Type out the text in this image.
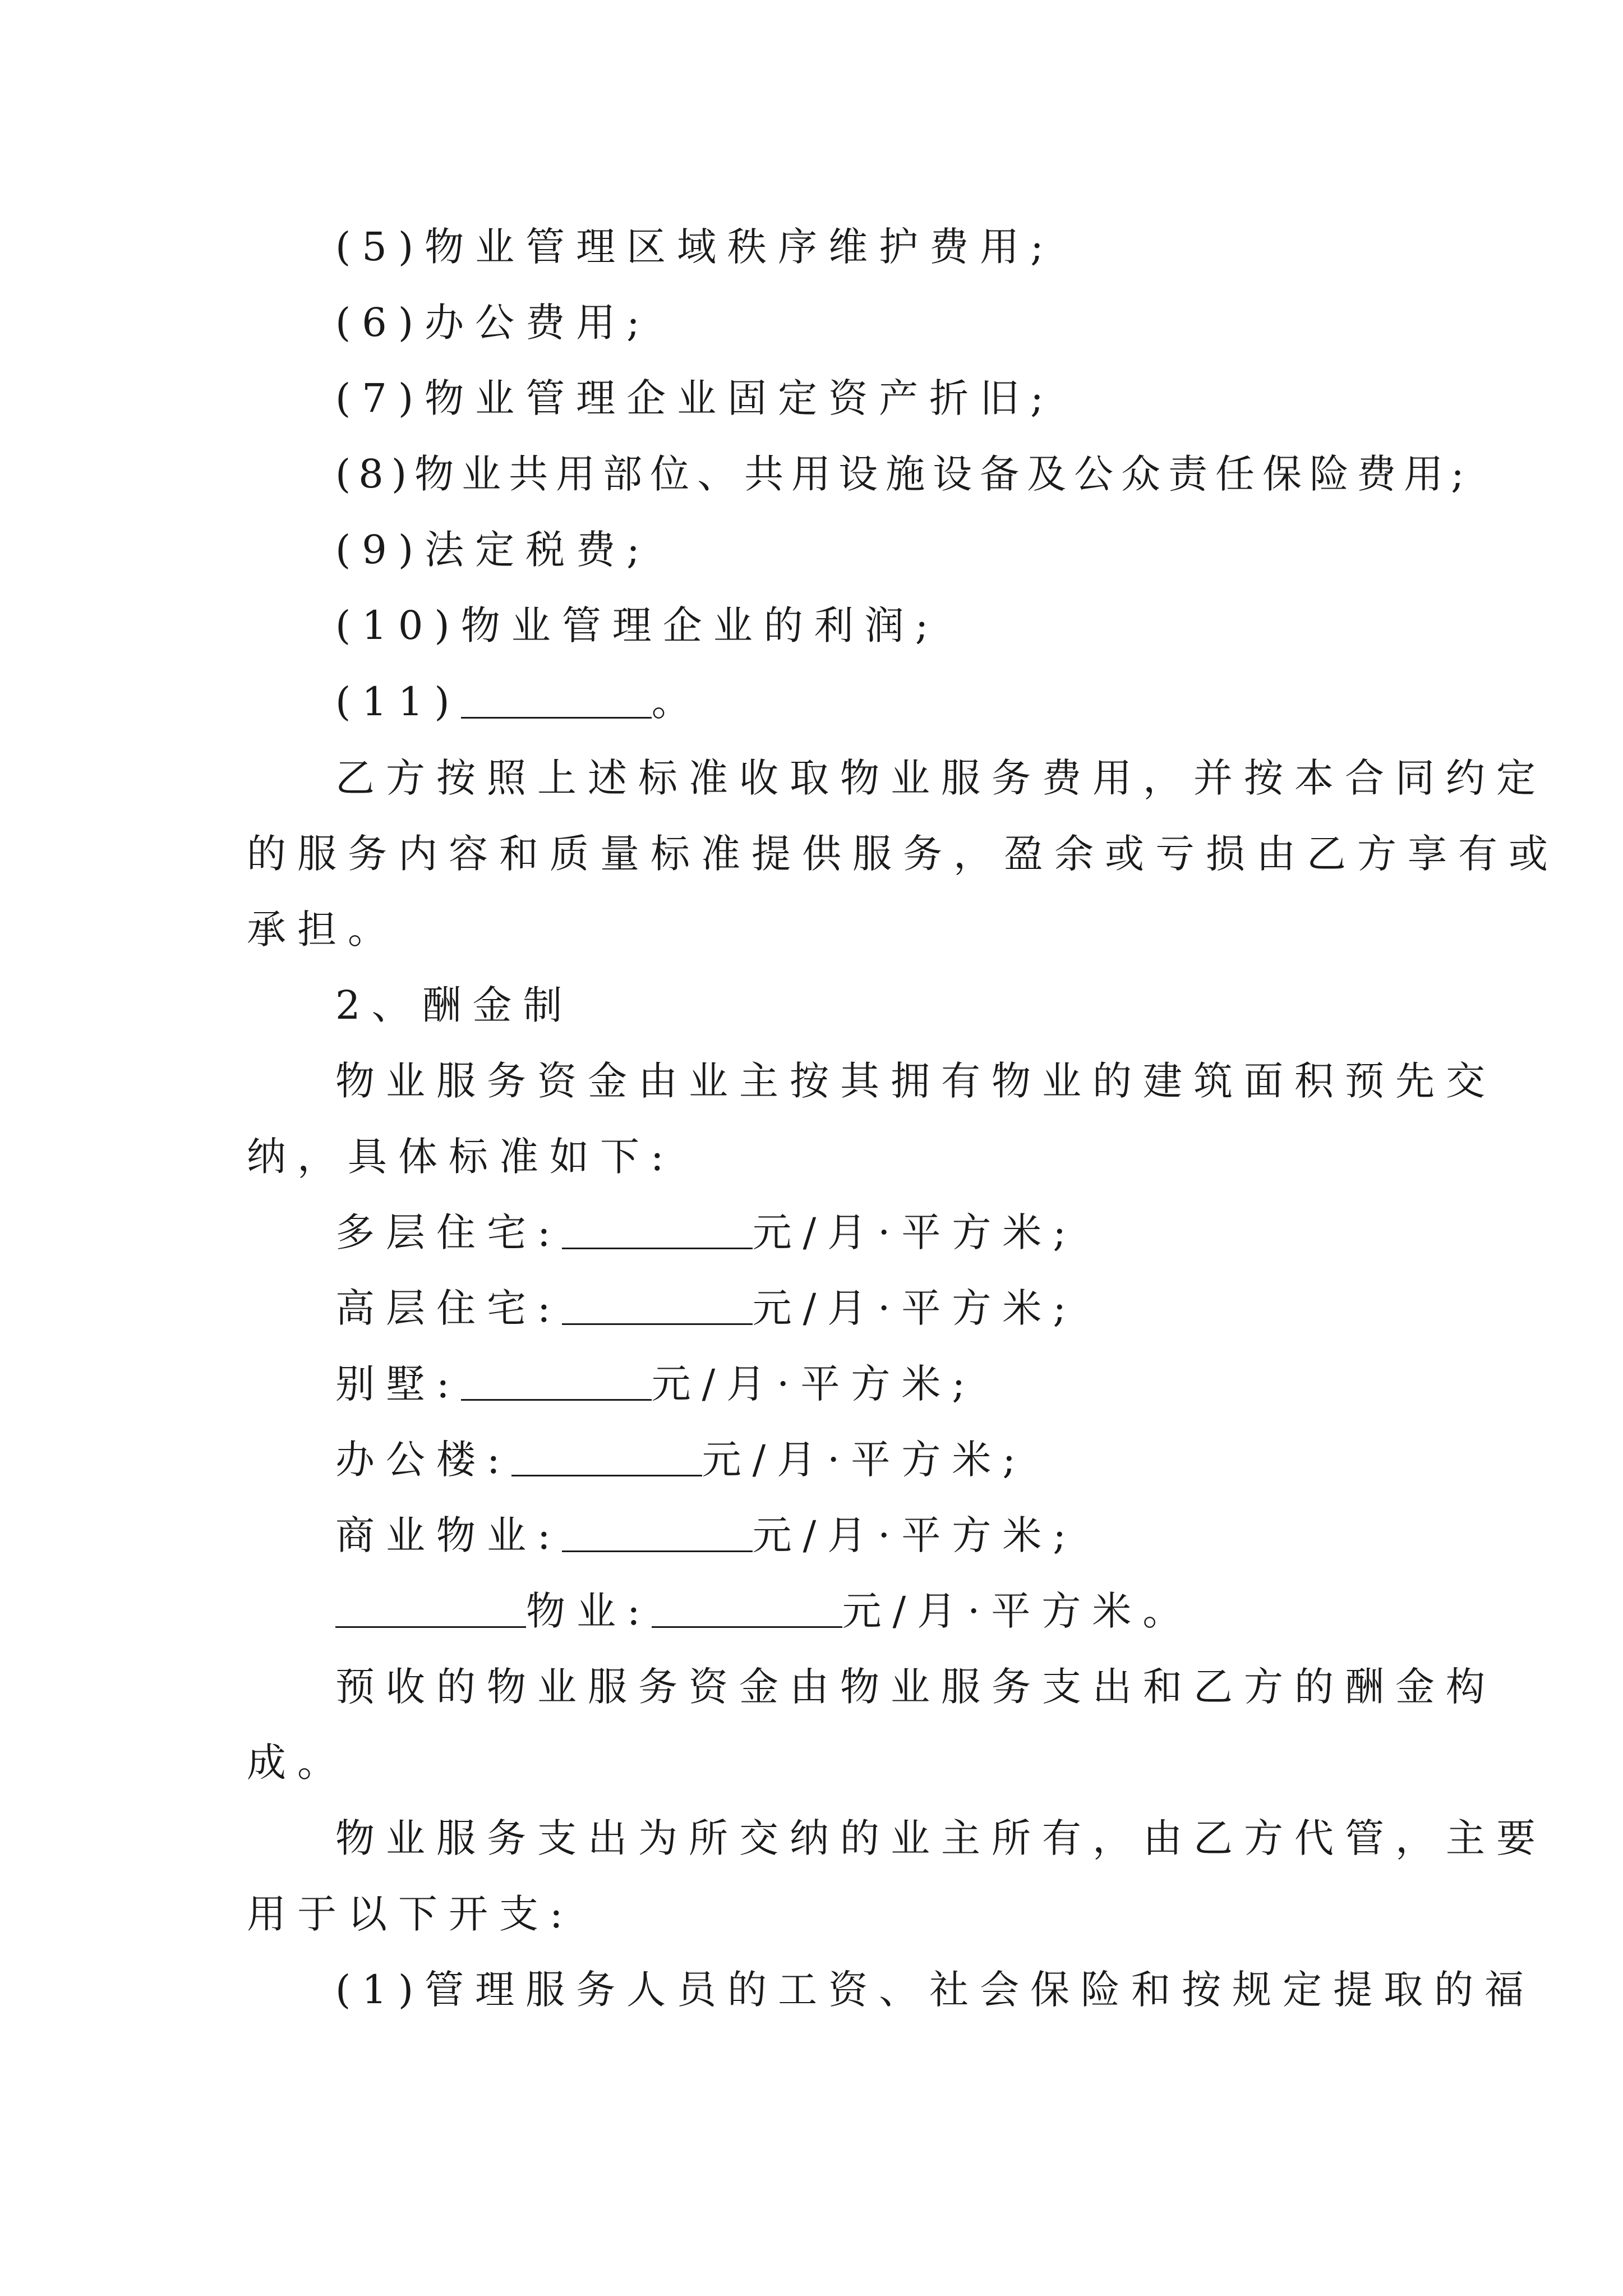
(5)物业管理区域秩序维护费用;
(6)办公费用;
(7)物业管理企业固定资产折旧;
(8)物业共用部位、共用设施设备及公众责任保险费用;
(9)法定税费;
(10)物业管理企业的利润;
(11)	。
乙方按照上述标准收取物业服务费用，并按本合同约定
的服务内容和质量标准提供服务，盈余或亏损由乙方享有或
承担。
2、酬金制
物业服务资金由业主按其拥有物业的建筑面积预先交
纳，具体标准如下:
多层住宅:	元/月·平方米;
高层住宅:	元/月·平方米;
别墅:	元/月·平方米;
办公楼:	元/月·平方米;
商业物业:	元/月·平方米;
物业:	元/月·平方米。
预收的物业服务资金由物业服务支出和乙方的酬金构
成。
物业服务支出为所交纳的业主所有，由乙方代管，主要
用于以下开支:
(1)管理服务人员的工资、社会保险和按规定提取的福
